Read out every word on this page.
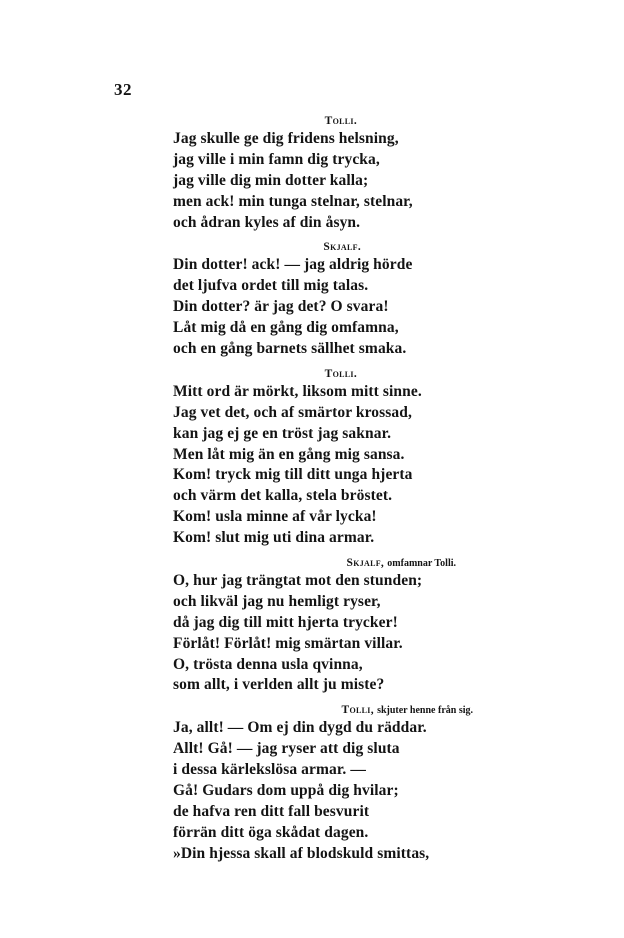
32
Tolli.
Jag skulle ge dig fridens helsning,
jag ville i min famn dig trycka,
jag ville dig min dotter kalla;
men ack! min tunga stelnar, stelnar,
och ådran kyles af din åsyn.
Skjalf.
Din dotter! ack! — jag aldrig hörde
det ljufva ordet till mig talas.
Din dotter? är jag det? O svara!
Låt mig då en gång dig omfamna,
och en gång barnets sällhet smaka.
Tolli.
Mitt ord är mörkt, liksom mitt sinne.
Jag vet det, och af smärtor krossad,
kan jag ej ge en tröst jag saknar.
Men låt mig än en gång mig sansa.
Kom! tryck mig till ditt unga hjerta
och värm det kalla, stela bröstet.
Kom! usla minne af vår lycka!
Kom! slut mig uti dina armar.
Skjalf, omfamnar Tolli.
O, hur jag trängtat mot den stunden;
och likväl jag nu hemligt ryser,
då jag dig till mitt hjerta trycker!
Förlåt! Förlåt! mig smärtan villar.
O, trösta denna usla qvinna,
som allt, i verlden allt ju miste?
Tolli, skjuter henne från sig.
Ja, allt! — Om ej din dygd du räddar.
Allt! Gå! — jag ryser att dig sluta
i dessa kärlekslösa armar. —
Gå! Gudars dom uppå dig hvilar;
de hafva ren ditt fall besvurit
förrän ditt öga skådat dagen.
»Din hjessa skall af blodskuld smittas,
